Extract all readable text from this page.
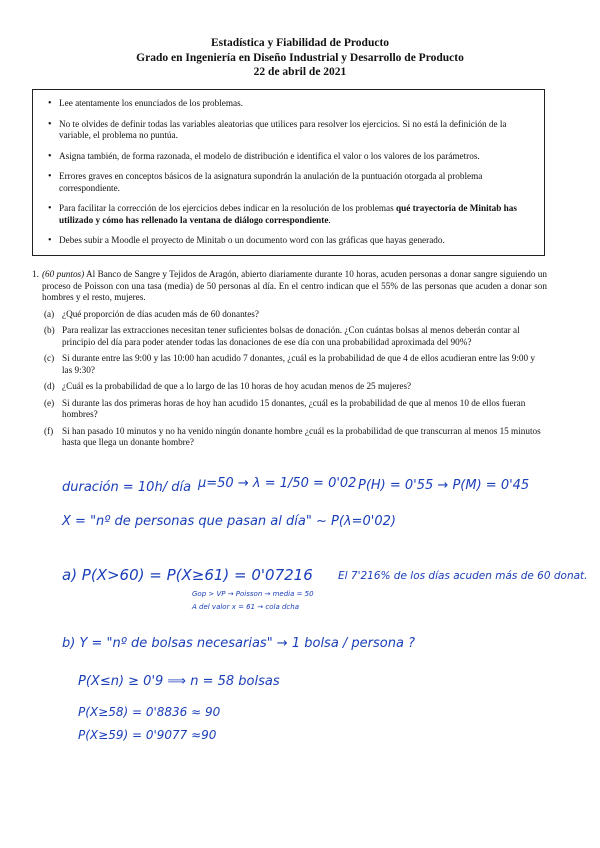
Estadística y Fiabilidad de Producto
Grado en Ingeniería en Diseño Industrial y Desarrollo de Producto
22 de abril de 2021
• Lee atentamente los enunciados de los problemas.
• No te olvides de definir todas las variables aleatorias que utilices para resolver los ejercicios. Si no está la definición de la variable, el problema no puntúa.
• Asigna también, de forma razonada, el modelo de distribución e identifica el valor o los valores de los parámetros.
• Errores graves en conceptos básicos de la asignatura supondrán la anulación de la puntuación otorgada al problema correspondiente.
• Para facilitar la corrección de los ejercicios debes indicar en la resolución de los problemas qué trayectoria de Minitab has utilizado y cómo has rellenado la ventana de diálogo correspondiente.
• Debes subir a Moodle el proyecto de Minitab o un documento word con las gráficas que hayas generado.
1. (60 puntos) Al Banco de Sangre y Tejidos de Aragón, abierto diariamente durante 10 horas, acuden personas a donar sangre siguiendo un proceso de Poisson con una tasa (media) de 50 personas al día. En el centro indican que el 55% de las personas que acuden a donar son hombres y el resto, mujeres.
(a) ¿Qué proporción de días acuden más de 60 donantes?
(b) Para realizar las extracciones necesitan tener suficientes bolsas de donación. ¿Con cuántas bolsas al menos deberán contar al principio del día para poder atender todas las donaciones de ese día con una probabilidad aproximada del 90%?
(c) Si durante entre las 9:00 y las 10:00 han acudido 7 donantes, ¿cuál es la probabilidad de que 4 de ellos acudieran entre las 9:00 y las 9:30?
(d) ¿Cuál es la probabilidad de que a lo largo de las 10 horas de hoy acudan menos de 25 mujeres?
(e) Si durante las dos primeras horas de hoy han acudido 15 donantes, ¿cuál es la probabilidad de que al menos 10 de ellos fueran hombres?
(f) Si han pasado 10 minutos y no ha venido ningún donante hombre ¿cuál es la probabilidad de que transcurran al menos 15 minutos hasta que llega un donante hombre?
duración = 10h/ día µ=50 → λ = 1/50 = 0'02 P(H) = 0'55 → P(M) = 0'45
X = "nº de personas que pasan al día" ~ P(λ=0'02)
a) P(X>60) = P(X≥61) = 0'07216
Gop > VP → Poisson → media = 50
A del valor x = 61 → cola dcha
El 7'216% de los días acuden más de 60 donat.
b) Y = "nº de bolsas necesarias" → 1 bolsa / persona ?
P(X≤n) ≥ 0'9 ⟹ n = 58 bolsas
P(X≥58) = 0'8836 ≈ 90
P(X≥59) = 0'9077 ≈90
